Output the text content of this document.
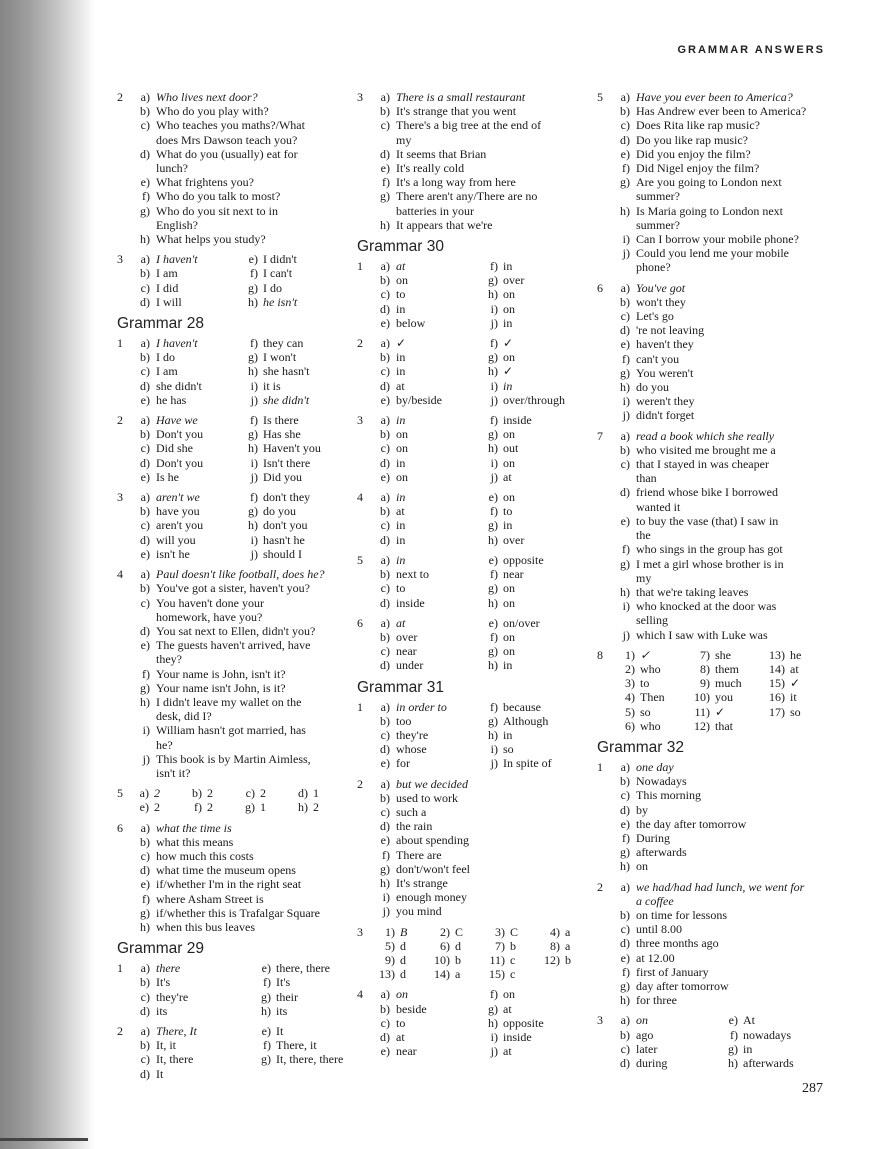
GRAMMAR ANSWERS
2	a) Who lives next door?
b) Who do you play with?
c) Who teaches you maths?/What
does Mrs Dawson teach you?
d) What do you (usually) eat for
lunch?
e) What frightens you?
f) Who do you talk to most?
g) Who do you sit next to in
English?
h) What helps you study?
3	a) I haven't	e) I didn't
b) I am	f) I can't
c) I did	g) I do
d) I will	h) he isn't
Grammar 28
1	a) I haven't	f) they can
b) I do	g) I won't
c) I am	h) she hasn't
d) she didn't	i) it is
e) he has	j) she didn't
2	a) Have we	f) Is there
b) Don't you	g) Has she
c) Did she	h) Haven't you
d) Don't you	i) Isn't there
e) Is he	j) Did you
3	a) aren't we	f) don't they
b) have you	g) do you
c) aren't you	h) don't you
d) will you	i) hasn't he
e) isn't he	j) should I
4	a) Paul doesn't like football, does he?
b) You've got a sister, haven't you?
c) You haven't done your
homework, have you?
d) You sat next to Ellen, didn't you?
e) The guests haven't arrived, have
they?
f) Your name is John, isn't it?
g) Your name isn't John, is it?
h) I didn't leave my wallet on the
desk, did I?
i) William hasn't got married, has
he?
j) This book is by Martin Aimless,
isn't it?
5	a) 2	b) 2	c) 2	d) 1
e) 2	f) 2	g) 1	h) 2
6	a) what the time is
b) what this means
c) how much this costs
d) what time the museum opens
e) if/whether I'm in the right seat
f) where Asham Street is
g) if/whether this is Trafalgar Square
h) when this bus leaves
Grammar 29
1	a) there	e) there, there
b) It's	f) It's
c) they're	g) their
d) its	h) its
2	a) There, It	e) It
b) It, it	f) There, it
c) It, there	g) It, there, there
d) It
3	a) There is a small restaurant
b) It's strange that you went
c) There's a big tree at the end of
my
d) It seems that Brian
e) It's really cold
f) It's a long way from here
g) There aren't any/There are no
batteries in your
h) It appears that we're
Grammar 30
1	a) at	f) in
b) on	g) over
c) to	h) on
d) in	i) on
e) below	j) in
2	a) ✓	f) ✓
b) in	g) on
c) in	h) ✓
d) at	i) in
e) by/beside	j) over/through
3	a) in	f) inside
b) on	g) on
c) on	h) out
d) in	i) on
e) on	j) at
4	a) in	e) on
b) at	f) to
c) in	g) in
d) in	h) over
5	a) in	e) opposite
b) next to	f) near
c) to	g) on
d) inside	h) on
6	a) at	e) on/over
b) over	f) on
c) near	g) on
d) under	h) in
Grammar 31
1	a) in order to	f) because
b) too	g) Although
c) they're	h) in
d) whose	i) so
e) for	j) In spite of
2	a) but we decided
b) used to work
c) such a
d) the rain
e) about spending
f) There are
g) don't/won't feel
h) It's strange
i) enough money
j) you mind
3	1) B	2) C	3) C	4) a
5) d	6) d	7) b	8) a
9) d	10) b	11) c	12) b
13) d	14) a	15) c
4	a) on	f) on
b) beside	g) at
c) to	h) opposite
d) at	i) inside
e) near	j) at
5	a) Have you ever been to America?
b) Has Andrew ever been to America?
c) Does Rita like rap music?
d) Do you like rap music?
e) Did you enjoy the film?
f) Did Nigel enjoy the film?
g) Are you going to London next
summer?
h) Is Maria going to London next
summer?
i) Can I borrow your mobile phone?
j) Could you lend me your mobile
phone?
6	a) You've got
b) won't they
c) Let's go
d) 're not leaving
e) haven't they
f) can't you
g) You weren't
h) do you
i) weren't they
j) didn't forget
7	a) read a book which she really
b) who visited me brought me a
c) that I stayed in was cheaper
than
d) friend whose bike I borrowed
wanted it
e) to buy the vase (that) I saw in
the
f) who sings in the group has got
g) I met a girl whose brother is in
my
h) that we're taking leaves
i) who knocked at the door was
selling
j) which I saw with Luke was
8	1) ✓	7) she	13) he
2) who	8) them	14) at
3) to	9) much	15) ✓
4) Then	10) you	16) it
5) so	11) ✓	17) so
6) who	12) that
Grammar 32
1	a) one day
b) Nowadays
c) This morning
d) by
e) the day after tomorrow
f) During
g) afterwards
h) on
2	a) we had/had had lunch, we went for
a coffee
b) on time for lessons
c) until 8.00
d) three months ago
e) at 12.00
f) first of January
g) day after tomorrow
h) for three
3	a) on	e) At
b) ago	f) nowadays
c) later	g) in
d) during	h) afterwards
287
